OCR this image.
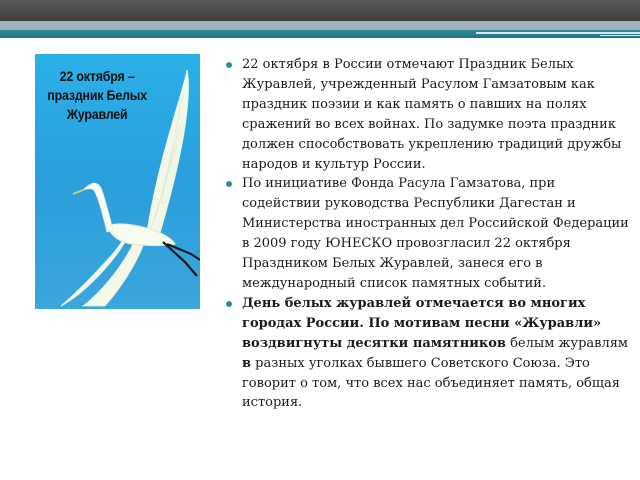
22 октября –
праздник Белых
Журавлей
22 октября в России отмечают Праздник Белых Журавлей, учрежденный Расулом Гамзатовым как праздник поэзии и как память о павших на полях сражений во всех войнах. По задумке поэта праздник должен способствовать укреплению традиций дружбы народов и культур России.
По инициативе Фонда Расула Гамзатова, при содействии руководства Республики Дагестан и Министерства иностранных дел Российской Федерации в 2009 году ЮНЕСКО провозгласил 22 октября Праздником Белых Журавлей, занеся его в международный список памятных событий.
День белых журавлей отмечается во многих городах России. По мотивам песни «Журавли» воздвигнуты десятки памятников белым журавлям в разных уголках бывшего Советского Союза. Это говорит о том, что всех нас объединяет память, общая история.
